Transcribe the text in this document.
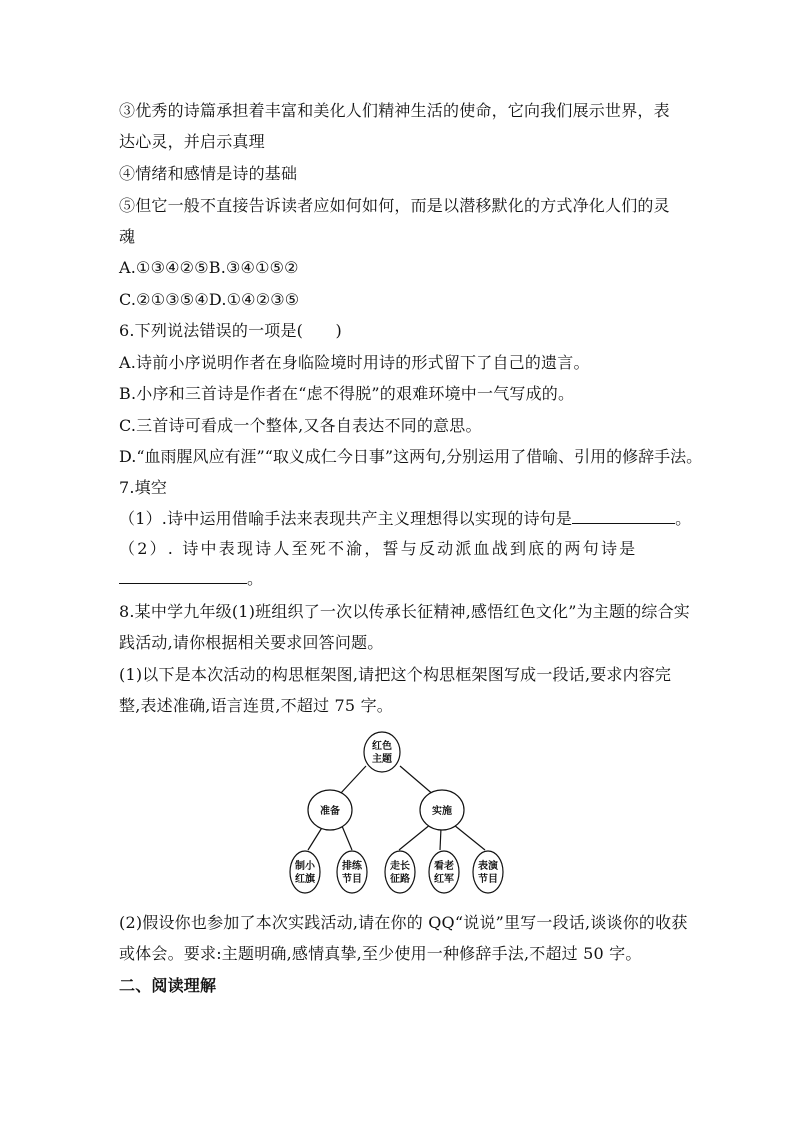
③优秀的诗篇承担着丰富和美化人们精神生活的使命，它向我们展示世界，表
达心灵，并启示真理
④情绪和感情是诗的基础
⑤但它一般不直接告诉读者应如何如何，而是以潜移默化的方式净化人们的灵
魂
A.①③④②⑤B.③④①⑤②
C.②①③⑤④D.①④②③⑤
6.下列说法错误的一项是(　　)
A.诗前小序说明作者在身临险境时用诗的形式留下了自己的遗言。
B.小序和三首诗是作者在“虑不得脱”的艰难环境中一气写成的。
C.三首诗可看成一个整体,又各自表达不同的意思。
D.“血雨腥风应有涯”“取义成仁今日事”这两句,分别运用了借喻、引用的修辞手法。
7.填空
（1）.诗中运用借喻手法来表现共产主义理想得以实现的诗句是	。
（2）. 诗中表现诗人至死不渝，誓与反动派血战到底的两句诗是
。
8.某中学九年级(1)班组织了一次以传承长征精神,感悟红色文化”为主题的综合实
践活动,请你根据相关要求回答问题。
(1)以下是本次活动的构思框架图,请把这个构思框架图写成一段话,要求内容完
整,表述准确,语言连贯,不超过 75 字。
红色
主题
准备	实施
制小
红旗
排练
节目
走长
征路
看老
红军
表演
节目
(2)假设你也参加了本次实践活动,请在你的 QQ“说说”里写一段话,谈谈你的收获
或体会。要求:主题明确,感情真挚,至少使用一种修辞手法,不超过 50 字。
二、阅读理解
